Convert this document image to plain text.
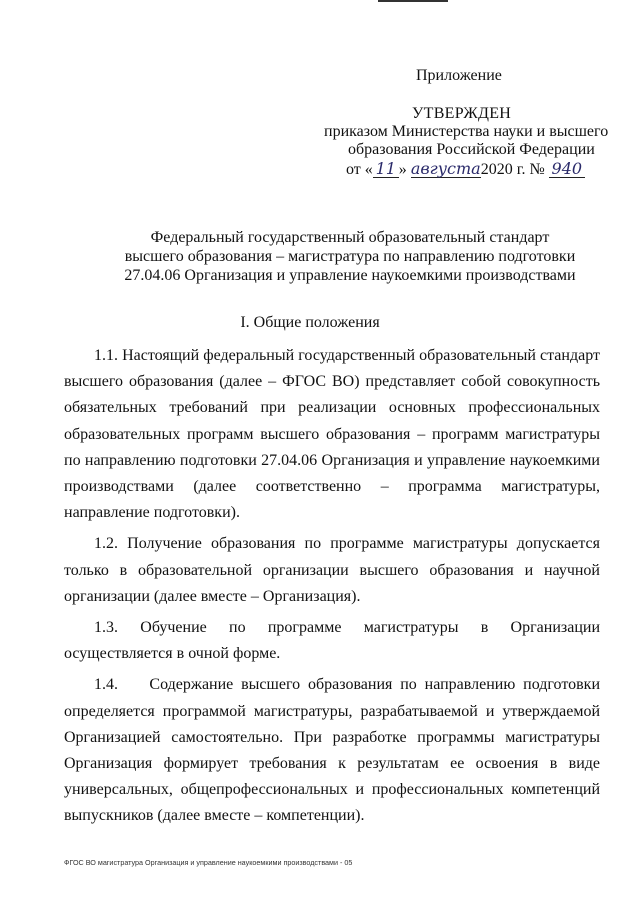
Приложение
УТВЕРЖДЕН
приказом Министерства науки и высшего
образования Российской Федерации
от « 11 » августа2020 г. № 940
Федеральный государственный образовательный стандарт
высшего образования – магистратура по направлению подготовки
27.04.06 Организация и управление наукоемкими производствами
I. Общие положения

1.1. Настоящий федеральный государственный образовательный стандарт высшего образования (далее – ФГОС ВО) представляет собой совокупность обязательных требований при реализации основных профессиональных образовательных программ высшего образования – программ магистратуры по направлению подготовки 27.04.06 Организация и управление наукоемкими производствами (далее соответственно – программа магистратуры, направление подготовки).

1.2. Получение образования по программе магистратуры допускается только в образовательной организации высшего образования и научной организации (далее вместе – Организация).

1.3. Обучение по программе магистратуры в Организации осуществляется в очной форме.

1.4.    Содержание высшего образования по направлению подготовки определяется программой магистратуры, разрабатываемой и утверждаемой Организацией самостоятельно. При разработке программы магистратуры Организация формирует требования к результатам ее освоения в виде универсальных, общепрофессиональных и профессиональных компетенций выпускников (далее вместе – компетенции).

ФГОС ВО магистратура Организация и управление наукоемкими производствами - 05
